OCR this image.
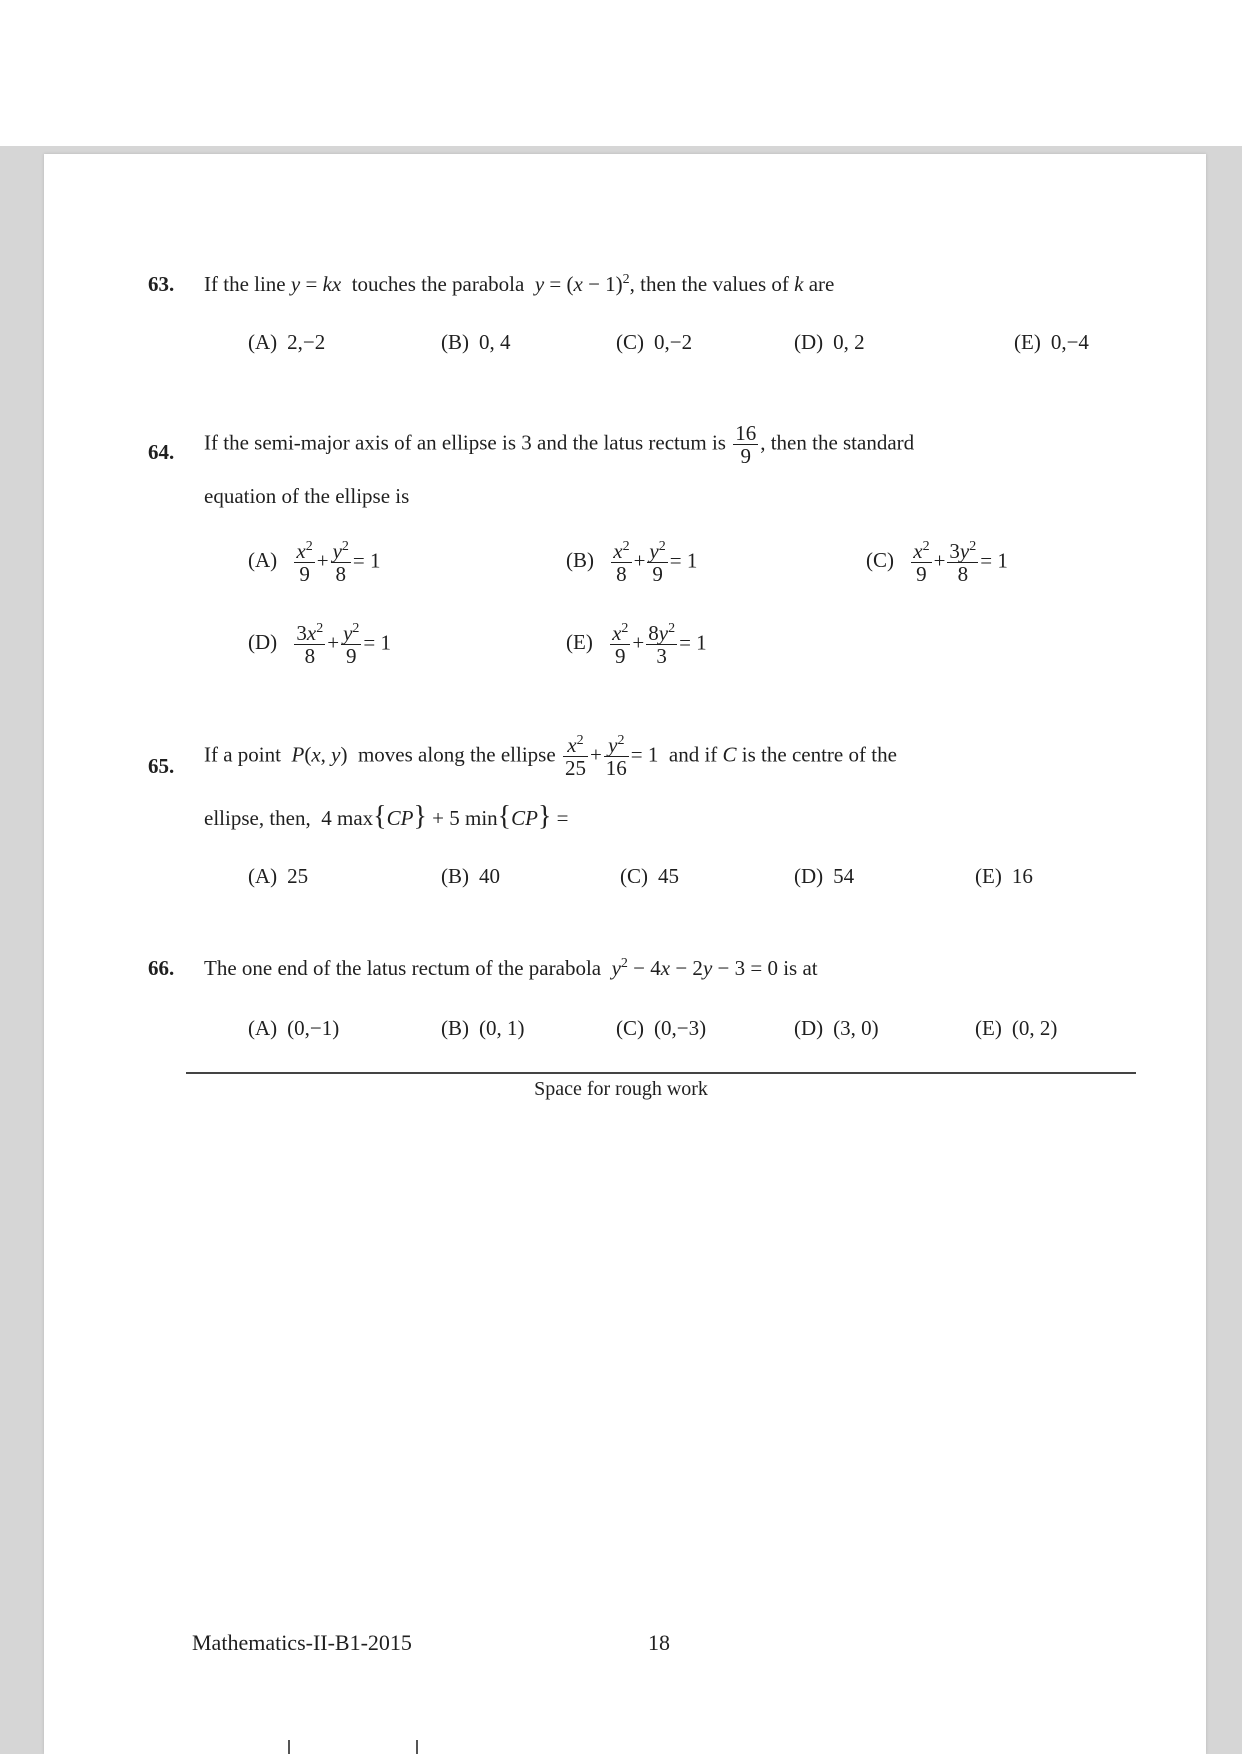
63. If the line y = kx touches the parabola $y = (x - 1)^2$, then the values of k are
(A) 2,−2	(B) 0, 4	(C) 0,−2	(D) 0, 2	(E) 0,−4
64. If the semi-major axis of an ellipse is 3 and the latus rectum is $\frac{16}{9}$ , then the standard
equation of the ellipse is
$(A) \frac{x^2}{9} + \frac{y^2}{8} = 1$	$(B) \frac{x^2}{8} + \frac{y^2}{9} = 1$	$(C) \frac{x^2}{9} + \frac{3y^2}{8} = 1$
$(D) \frac{3x^2}{8} + \frac{y^2}{9} = 1$	$(E) \frac{x^2}{9} + \frac{8y^2}{3} = 1$
65. If a point P(x, y)  moves along the ellipse $\frac{x^2}{25} + \frac{y^2}{16} = 1$  and if C is the centre of the
ellipse, then,  4 max{CP} + 5 min{CP} =
(A) 25	(B) 40	(C) 45	(D) 54	(E) 16
66. The one end of the latus rectum of the parabola $y^2 - 4x - 2y - 3 = 0$ is at
(A) (0,−1)	(B) (0, 1)	(C) (0,−3)	(D) (3, 0)	(E) (0, 2)
Space for rough work
Mathematics-II-B1-2015	18
